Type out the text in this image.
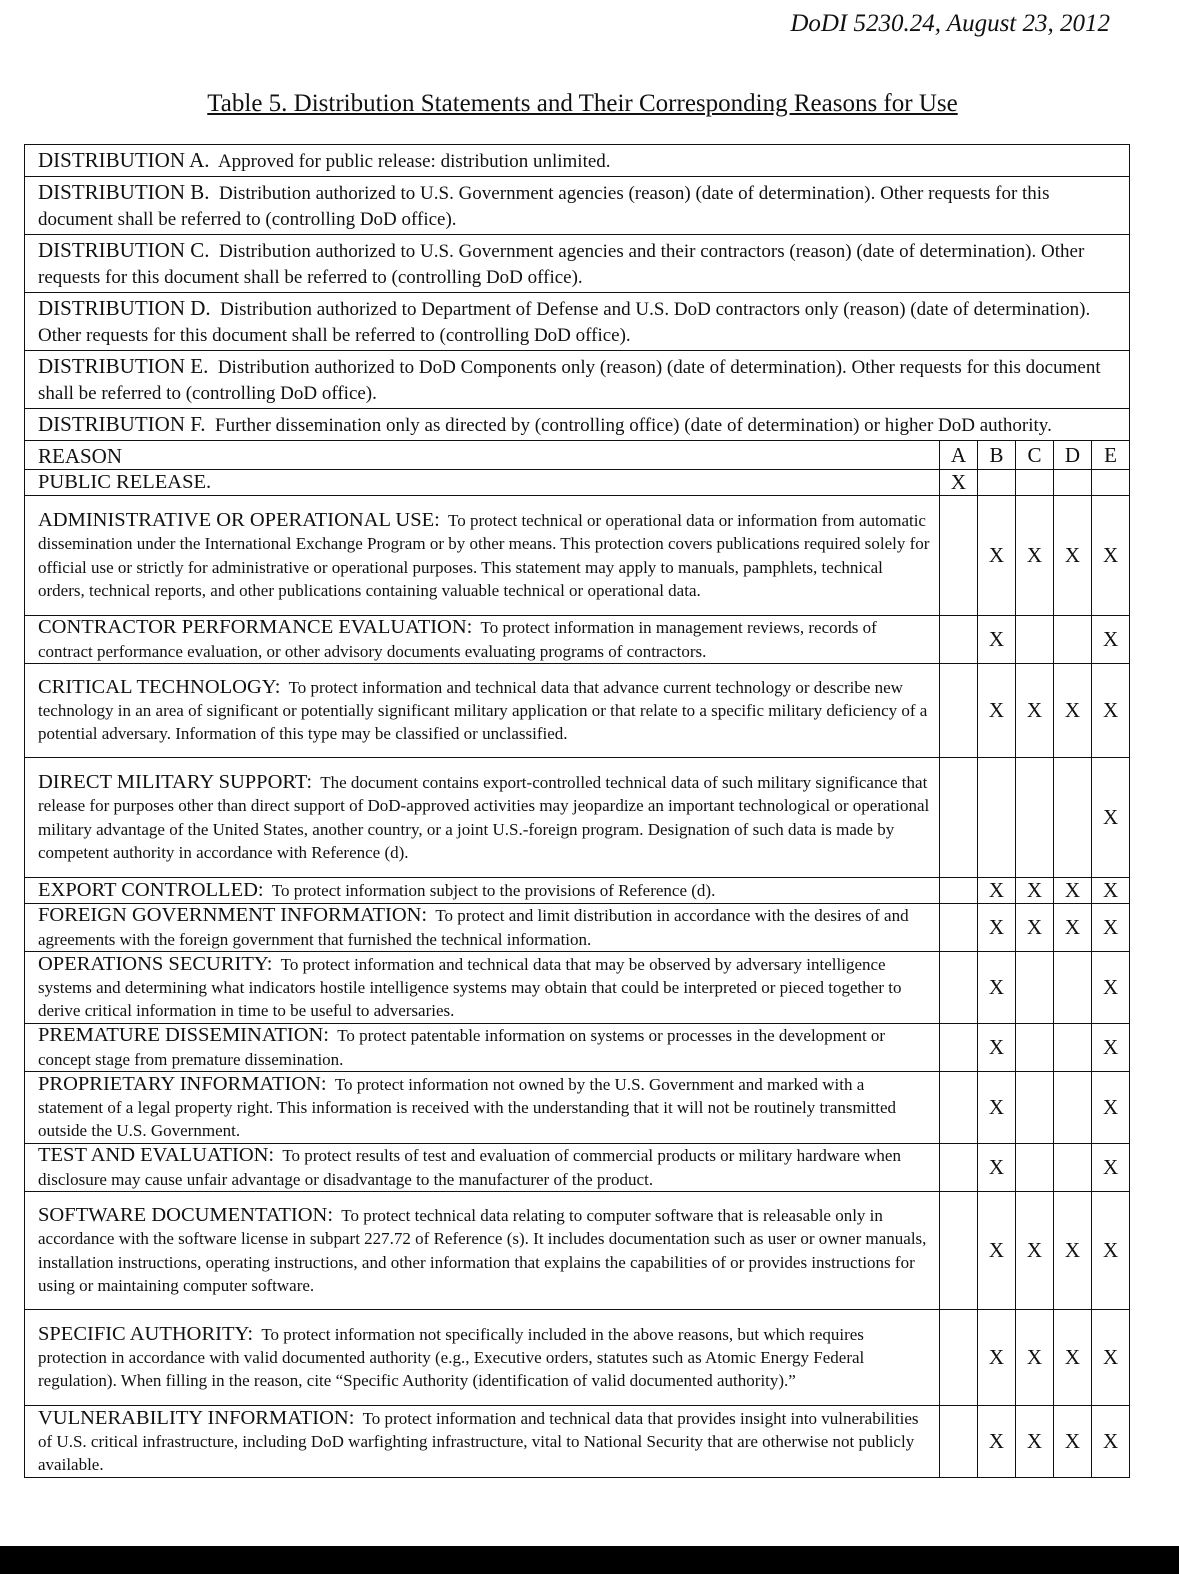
DoDI 5230.24, August 23, 2012
Table 5. Distribution Statements and Their Corresponding Reasons for Use
DISTRIBUTION A. Approved for public release: distribution unlimited.					
DISTRIBUTION B. Distribution authorized to U.S. Government agencies (reason) (date of determination). Other requests for this document shall be referred to (controlling DoD office).					
DISTRIBUTION C. Distribution authorized to U.S. Government agencies and their contractors (reason) (date of determination). Other requests for this document shall be referred to (controlling DoD office).					
DISTRIBUTION D. Distribution authorized to Department of Defense and U.S. DoD contractors only (reason) (date of determination). Other requests for this document shall be referred to (controlling DoD office).					
DISTRIBUTION E. Distribution authorized to DoD Components only (reason) (date of determination). Other requests for this document shall be referred to (controlling DoD office).					
DISTRIBUTION F. Further dissemination only as directed by (controlling office) (date of determination) or higher DoD authority.					
REASON	A	B	C	D	E
PUBLIC RELEASE.	X				
ADMINISTRATIVE OR OPERATIONAL USE: To protect technical or operational data or information from automatic dissemination under the International Exchange Program or by other means. This protection covers publications required solely for official use or strictly for administrative or operational purposes. This statement may apply to manuals, pamphlets, technical orders, technical reports, and other publications containing valuable technical or operational data.		X	X	X	X
CONTRACTOR PERFORMANCE EVALUATION: To protect information in management reviews, records of contract performance evaluation, or other advisory documents evaluating programs of contractors.		X			X
CRITICAL TECHNOLOGY: To protect information and technical data that advance current technology or describe new technology in an area of significant or potentially significant military application or that relate to a specific military deficiency of a potential adversary. Information of this type may be classified or unclassified.		X	X	X	X
DIRECT MILITARY SUPPORT: The document contains export-controlled technical data of such military significance that release for purposes other than direct support of DoD-approved activities may jeopardize an important technological or operational military advantage of the United States, another country, or a joint U.S.-foreign program. Designation of such data is made by competent authority in accordance with Reference (d).					X
EXPORT CONTROLLED: To protect information subject to the provisions of Reference (d).		X	X	X	X
FOREIGN GOVERNMENT INFORMATION: To protect and limit distribution in accordance with the desires of and agreements with the foreign government that furnished the technical information.		X	X	X	X
OPERATIONS SECURITY: To protect information and technical data that may be observed by adversary intelligence systems and determining what indicators hostile intelligence systems may obtain that could be interpreted or pieced together to derive critical information in time to be useful to adversaries.		X			X
PREMATURE DISSEMINATION: To protect patentable information on systems or processes in the development or concept stage from premature dissemination.		X			X
PROPRIETARY INFORMATION: To protect information not owned by the U.S. Government and marked with a statement of a legal property right. This information is received with the understanding that it will not be routinely transmitted outside the U.S. Government.		X			X
TEST AND EVALUATION: To protect results of test and evaluation of commercial products or military hardware when disclosure may cause unfair advantage or disadvantage to the manufacturer of the product.		X			X
SOFTWARE DOCUMENTATION: To protect technical data relating to computer software that is releasable only in accordance with the software license in subpart 227.72 of Reference (s). It includes documentation such as user or owner manuals, installation instructions, operating instructions, and other information that explains the capabilities of or provides instructions for using or maintaining computer software.		X	X	X	X
SPECIFIC AUTHORITY: To protect information not specifically included in the above reasons, but which requires protection in accordance with valid documented authority (e.g., Executive orders, statutes such as Atomic Energy Federal regulation). When filling in the reason, cite “Specific Authority (identification of valid documented authority).”		X	X	X	X
VULNERABILITY INFORMATION: To protect information and technical data that provides insight into vulnerabilities of U.S. critical infrastructure, including DoD warfighting infrastructure, vital to National Security that are otherwise not publicly available.		X	X	X	X
